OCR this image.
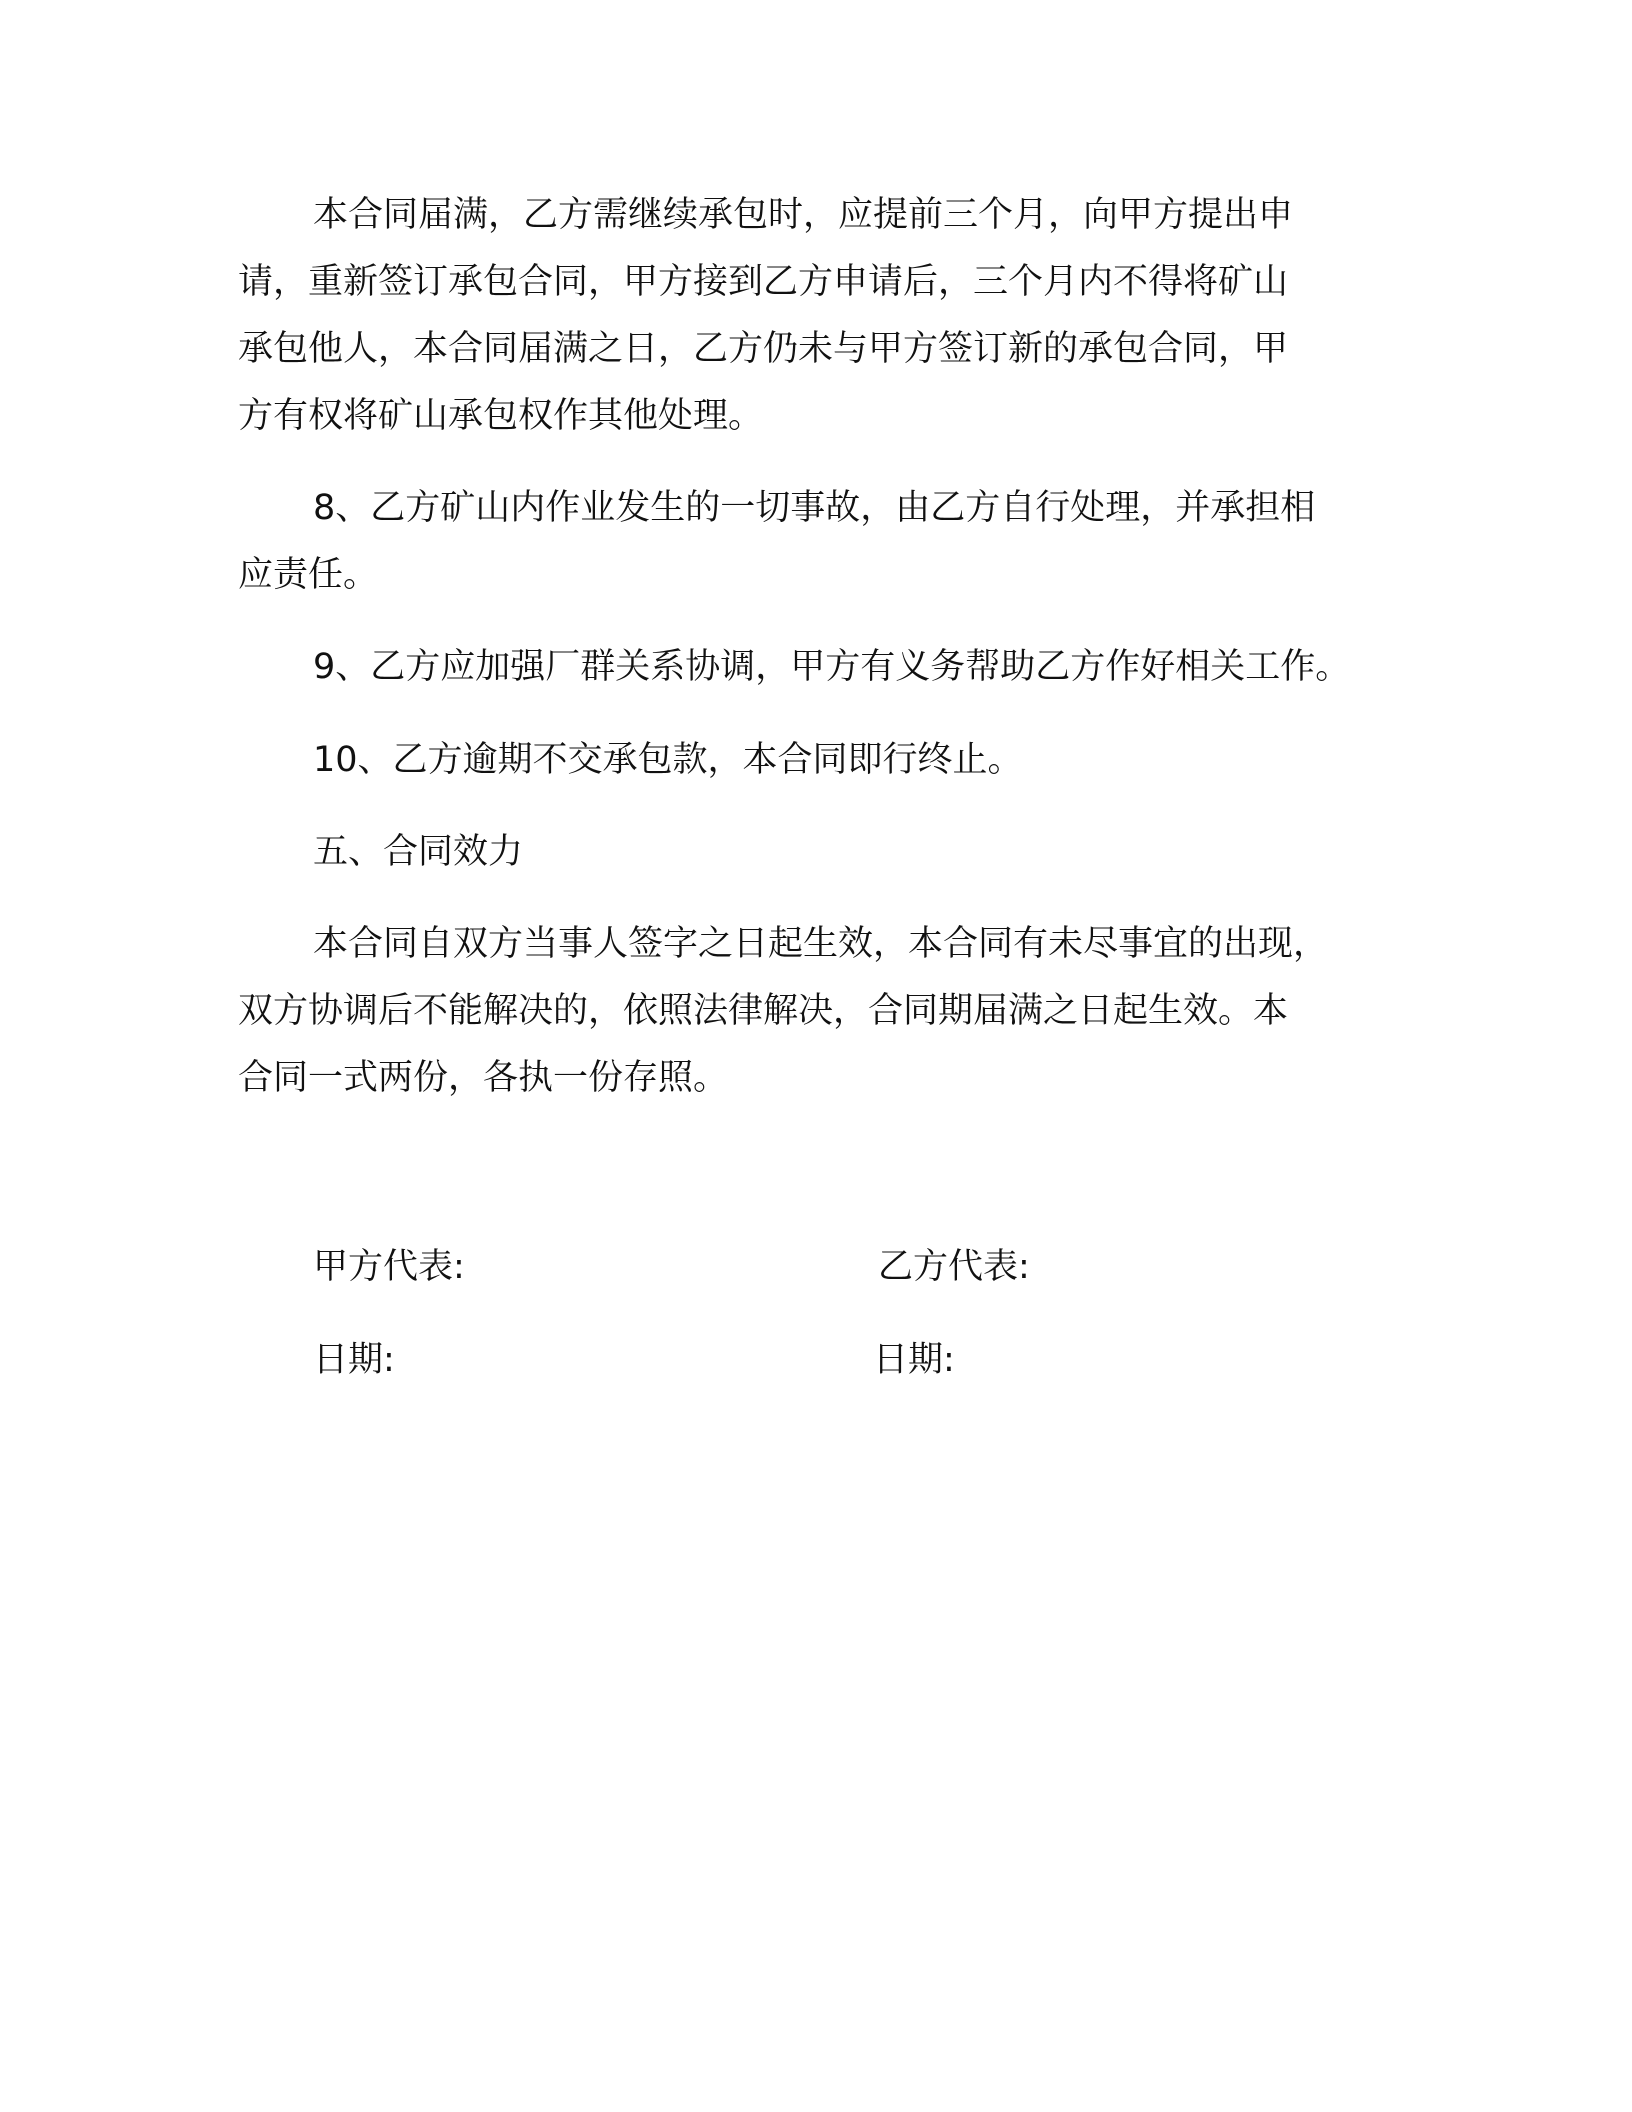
本合同届满，乙方需继续承包时，应提前三个月，向甲方提出申
请，重新签订承包合同，甲方接到乙方申请后，三个月内不得将矿山
承包他人，本合同届满之日，乙方仍未与甲方签订新的承包合同，甲
方有权将矿山承包权作其他处理。
8、乙方矿山内作业发生的一切事故，由乙方自行处理，并承担相
应责任。
9、乙方应加强厂群关系协调，甲方有义务帮助乙方作好相关工作。
10、乙方逾期不交承包款，本合同即行终止。
五、合同效力
本合同自双方当事人签字之日起生效，本合同有未尽事宜的出现，
双方协调后不能解决的，依照法律解决，合同期届满之日起生效。本
合同一式两份，各执一份存照。
甲方代表:	乙方代表:
日期:	日期:
